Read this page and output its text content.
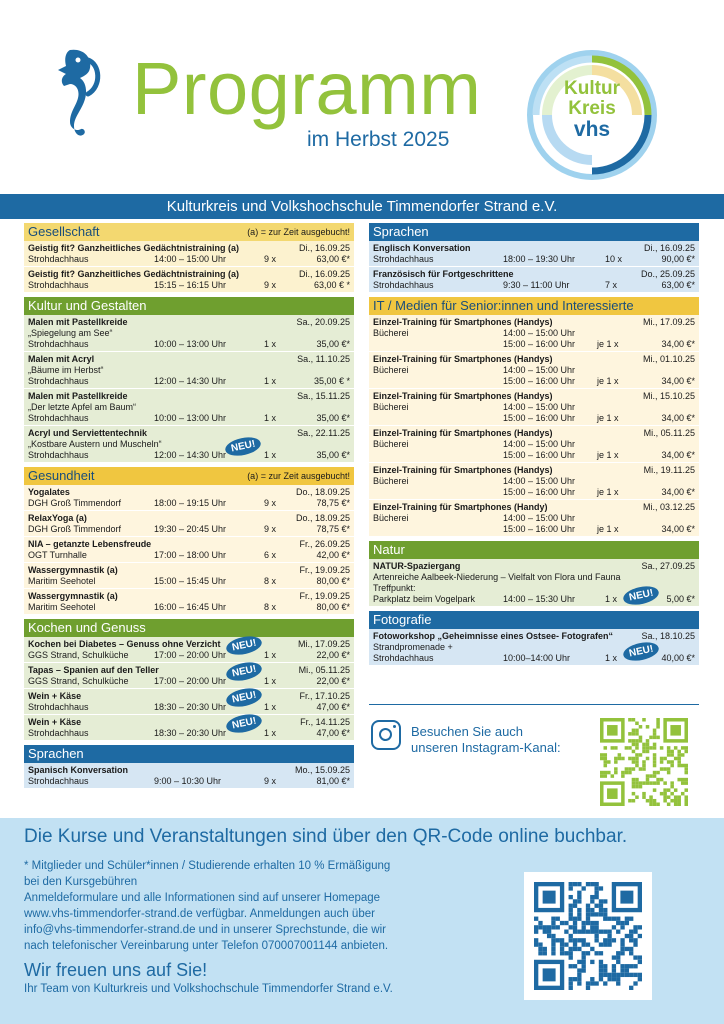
Programm
im Herbst 2025
Kultur
Kreis
vhs
Kulturkreis und Volkshochschule Timmendorfer Strand e.V.
Gesellschaft	(a) = zur Zeit ausgebucht!
Geistig fit? Ganzheitliches Gedächtnistraining (a)	Di., 16.09.25
Strohdachhaus	14:00 – 15:00 Uhr	9 x	63,00 €*
Geistig fit? Ganzheitliches Gedächtnistraining (a)	Di., 16.09.25
Strohdachhaus	15:15 – 16:15 Uhr	9 x	63,00 € *
Kultur und Gestalten
Malen mit Pastellkreide	Sa., 20.09.25
„Spiegelung am See“
Strohdachhaus	10:00 – 13:00 Uhr	1 x	35,00 €*
Malen mit Acryl	Sa., 11.10.25
„Bäume im Herbst“
Strohdachhaus	12:00 – 14:30 Uhr	1 x	35,00 € *
Malen mit Pastellkreide	Sa., 15.11.25
„Der letzte Apfel am Baum“
Strohdachhaus	10:00 – 13:00 Uhr	1 x	35,00 €*
Acryl und Serviettentechnik	Sa., 22.11.25
„Kostbare Austern und Muscheln“
Strohdachhaus	12:00 – 14:30 Uhr	1 x	35,00 €*
NEU!
Gesundheit	(a) = zur Zeit ausgebucht!
Yogalates	Do., 18.09.25
DGH Groß Timmendorf	18:00 – 19:15 Uhr	9 x	78,75 €*
RelaxYoga (a)	Do., 18.09.25
DGH Groß Timmendorf	19:30 – 20:45 Uhr	9 x	78,75 €*
NIA – getanzte Lebensfreude	Fr., 26.09.25
OGT Turnhalle	17:00 – 18:00 Uhr	6 x	42,00 €*
Wassergymnastik (a)	Fr., 19.09.25
Maritim Seehotel	15:00 – 15:45 Uhr	8 x	80,00 €*
Wassergymnastik (a)	Fr., 19.09.25
Maritim Seehotel	16:00 – 16:45 Uhr	8 x	80,00 €*
Kochen und Genuss
Kochen bei Diabetes – Genuss ohne Verzicht	Mi., 17.09.25
GGS Strand, Schulküche	17:00 – 20:00 Uhr	1 x	22,00 €*
NEU!
Tapas – Spanien auf den Teller	Mi., 05.11.25
GGS Strand, Schulküche	17:00 – 20:00 Uhr	1 x	22,00 €*
NEU!
Wein + Käse	Fr., 17.10.25
Strohdachhaus	18:30 – 20:30 Uhr	1 x	47,00 €*
NEU!
Wein + Käse	Fr., 14.11.25
Strohdachhaus	18:30 – 20:30 Uhr	1 x	47,00 €*
NEU!
Sprachen
Spanisch Konversation	Mo., 15.09.25
Strohdachhaus	9:00 – 10:30 Uhr	9 x	81,00 €*
Sprachen
Englisch Konversation	Di., 16.09.25
Strohdachhaus	18:00 – 19:30 Uhr	10 x	90,00 €*
Französisch für Fortgeschrittene	Do., 25.09.25
Strohdachhaus	9:30 – 11:00 Uhr	7 x	63,00 €*
IT / Medien für Senior:innen und Interessierte
Einzel-Training für Smartphones (Handys)	Mi., 17.09.25
Bücherei	14:00 – 15:00 Uhr
15:00 – 16:00 Uhr je 1 x	34,00 €*
Einzel-Training für Smartphones (Handys)	Mi., 01.10.25
Bücherei	14:00 – 15:00 Uhr
15:00 – 16:00 Uhr je 1 x	34,00 €*
Einzel-Training für Smartphones (Handys)	Mi., 15.10.25
Bücherei	14:00 – 15:00 Uhr
15:00 – 16:00 Uhr je 1 x	34,00 €*
Einzel-Training für Smartphones (Handys)	Mi., 05.11.25
Bücherei	14:00 – 15:00 Uhr
15:00 – 16:00 Uhr je 1 x	34,00 €*
Einzel-Training für Smartphones (Handys)	Mi., 19.11.25
Bücherei	14:00 – 15:00 Uhr
15:00 – 16:00 Uhr je 1 x	34,00 €*
Einzel-Training für Smartphones (Handy)	Mi., 03.12.25
Bücherei	14:00 – 15:00 Uhr
15:00 – 16:00 Uhr je 1 x	34,00 €*
Natur
NATUR-Spaziergang	Sa., 27.09.25
Artenreiche Aalbeek-Niederung – Vielfalt von Flora und Fauna
Treffpunkt:
Parkplatz beim Vogelpark	14:00 – 15:30 Uhr	1 x	5,00 €*
NEU!
Fotografie
Fotoworkshop „Geheimnisse eines Ostsee- Fotografen“	Sa., 18.10.25
Strandpromenade +
Strohdachhaus	10:00–14:00 Uhr	1 x	40,00 €*
NEU!
Besuchen Sie auch
unseren Instagram-Kanal:
Die Kurse und Veranstaltungen sind über den QR-Code online buchbar.
* Mitglieder und Schüler*innen / Studierende erhalten 10 % Ermäßigung
bei den Kursgebühren
Anmeldeformulare und alle Informationen sind auf unserer Homepage
www.vhs-timmendorfer-strand.de verfügbar. Anmeldungen auch über
info@vhs-timmendorfer-strand.de und in unserer Sprechstunde, die wir
nach telefonischer Vereinbarung unter Telefon 070007001144 anbieten.
Wir freuen uns auf Sie!
Ihr Team von Kulturkreis und Volkshochschule Timmendorfer Strand e.V.
